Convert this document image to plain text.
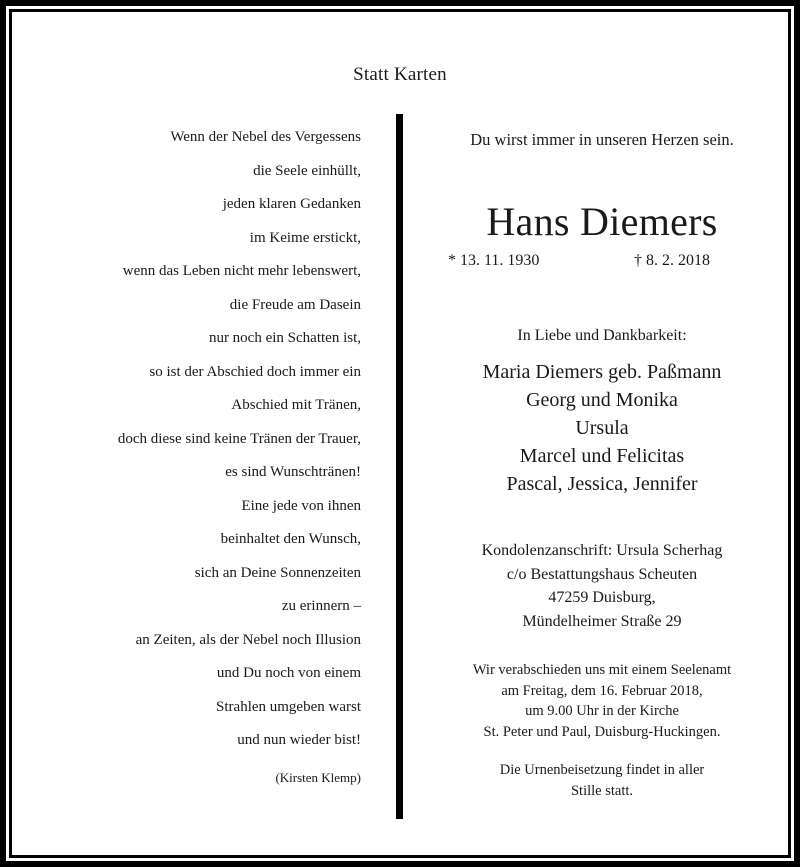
Statt Karten
Wenn der Nebel des Vergessens
die Seele einhüllt,
jeden klaren Gedanken
im Keime erstickt,
wenn das Leben nicht mehr lebenswert,
die Freude am Dasein
nur noch ein Schatten ist,
so ist der Abschied doch immer ein
Abschied mit Tränen,
doch diese sind keine Tränen der Trauer,
es sind Wunschtränen!
Eine jede von ihnen
beinhaltet den Wunsch,
sich an Deine Sonnenzeiten
zu erinnern –
an Zeiten, als der Nebel noch Illusion
und Du noch von einem
Strahlen umgeben warst
und nun wieder bist!
(Kirsten Klemp)
Du wirst immer in unseren Herzen sein.
Hans Diemers
* 13. 11. 1930	† 8. 2. 2018
In Liebe und Dankbarkeit:
Maria Diemers geb. Paßmann
Georg und Monika
Ursula
Marcel und Felicitas
Pascal, Jessica, Jennifer
Kondolenzanschrift: Ursula Scherhag
c/o Bestattungshaus Scheuten
47259 Duisburg,
Mündelheimer Straße 29
Wir verabschieden uns mit einem Seelenamt
am Freitag, dem 16. Februar 2018,
um 9.00 Uhr in der Kirche
St. Peter und Paul, Duisburg-Huckingen.
Die Urnenbeisetzung findet in aller
Stille statt.
